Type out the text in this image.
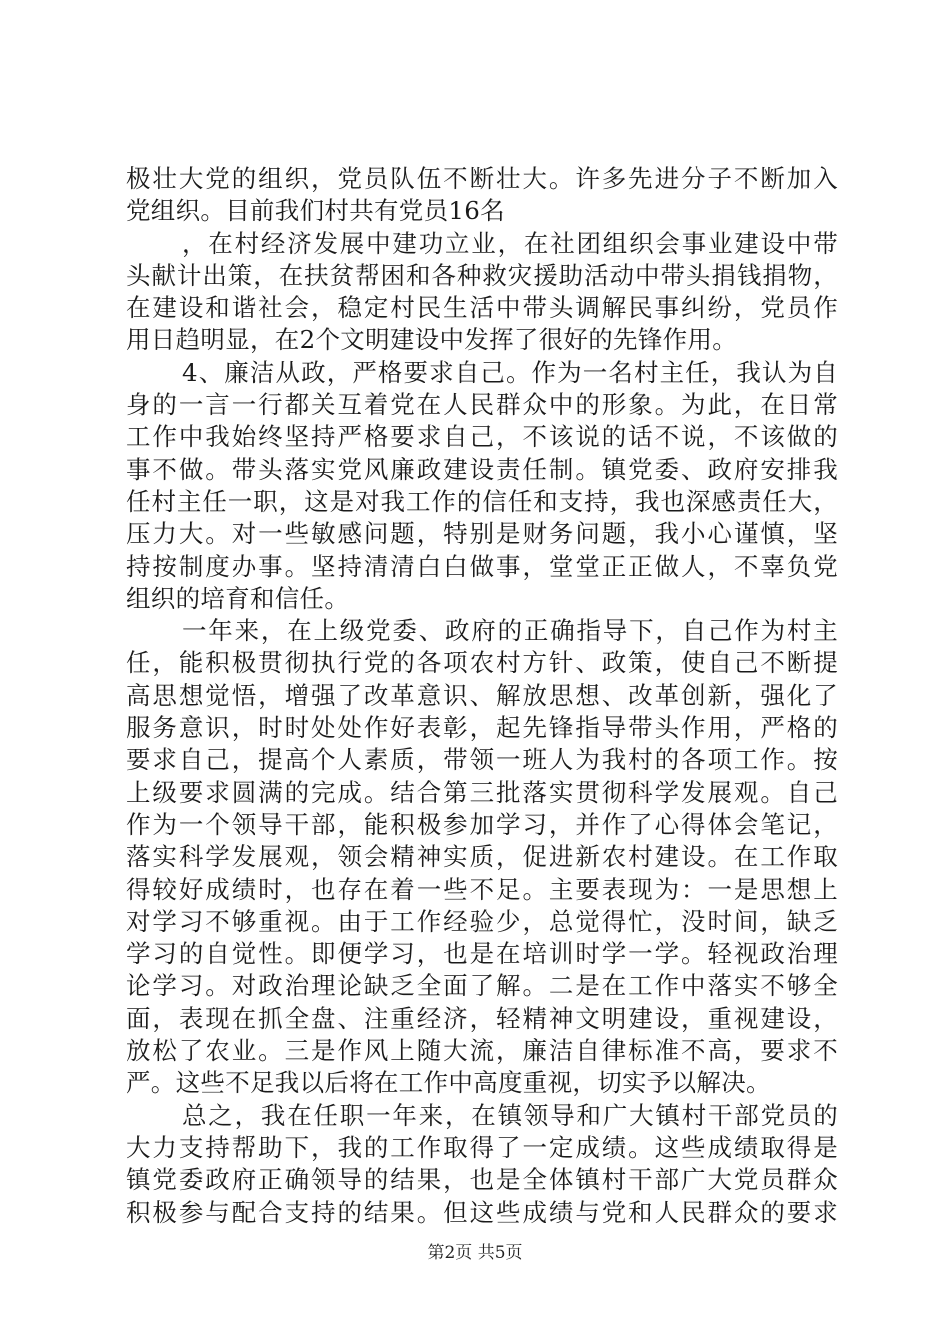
极壮大党的组织，党员队伍不断壮大。许多先进分子不断加入
党组织。目前我们村共有党员16名
，在村经济发展中建功立业，在社团组织会事业建设中带
头献计出策，在扶贫帮困和各种救灾援助活动中带头捐钱捐物，
在建设和谐社会，稳定村民生活中带头调解民事纠纷，党员作
用日趋明显，在2个文明建设中发挥了很好的先锋作用。
4、廉洁从政，严格要求自己。作为一名村主任，我认为自
身的一言一行都关互着党在人民群众中的形象。为此，在日常
工作中我始终坚持严格要求自己，不该说的话不说，不该做的
事不做。带头落实党风廉政建设责任制。镇党委、政府安排我
任村主任一职，这是对我工作的信任和支持，我也深感责任大，
压力大。对一些敏感问题，特别是财务问题，我小心谨慎，坚
持按制度办事。坚持清清白白做事，堂堂正正做人，不辜负党
组织的培育和信任。
一年来，在上级党委、政府的正确指导下，自己作为村主
任，能积极贯彻执行党的各项农村方针、政策，使自己不断提
高思想觉悟，增强了改革意识、解放思想、改革创新，强化了
服务意识，时时处处作好表彰，起先锋指导带头作用，严格的
要求自己，提高个人素质，带领一班人为我村的各项工作。按
上级要求圆满的完成。结合第三批落实贯彻科学发展观。自己
作为一个领导干部，能积极参加学习，并作了心得体会笔记，
落实科学发展观，领会精神实质，促进新农村建设。在工作取
得较好成绩时，也存在着一些不足。主要表现为：一是思想上
对学习不够重视。由于工作经验少，总觉得忙，没时间，缺乏
学习的自觉性。即便学习，也是在培训时学一学。轻视政治理
论学习。对政治理论缺乏全面了解。二是在工作中落实不够全
面，表现在抓全盘、注重经济，轻精神文明建设，重视建设，
放松了农业。三是作风上随大流，廉洁自律标准不高，要求不
严。这些不足我以后将在工作中高度重视，切实予以解决。
总之，我在任职一年来，在镇领导和广大镇村干部党员的
大力支持帮助下，我的工作取得了一定成绩。这些成绩取得是
镇党委政府正确领导的结果，也是全体镇村干部广大党员群众
积极参与配合支持的结果。但这些成绩与党和人民群众的要求
第2页 共5页
